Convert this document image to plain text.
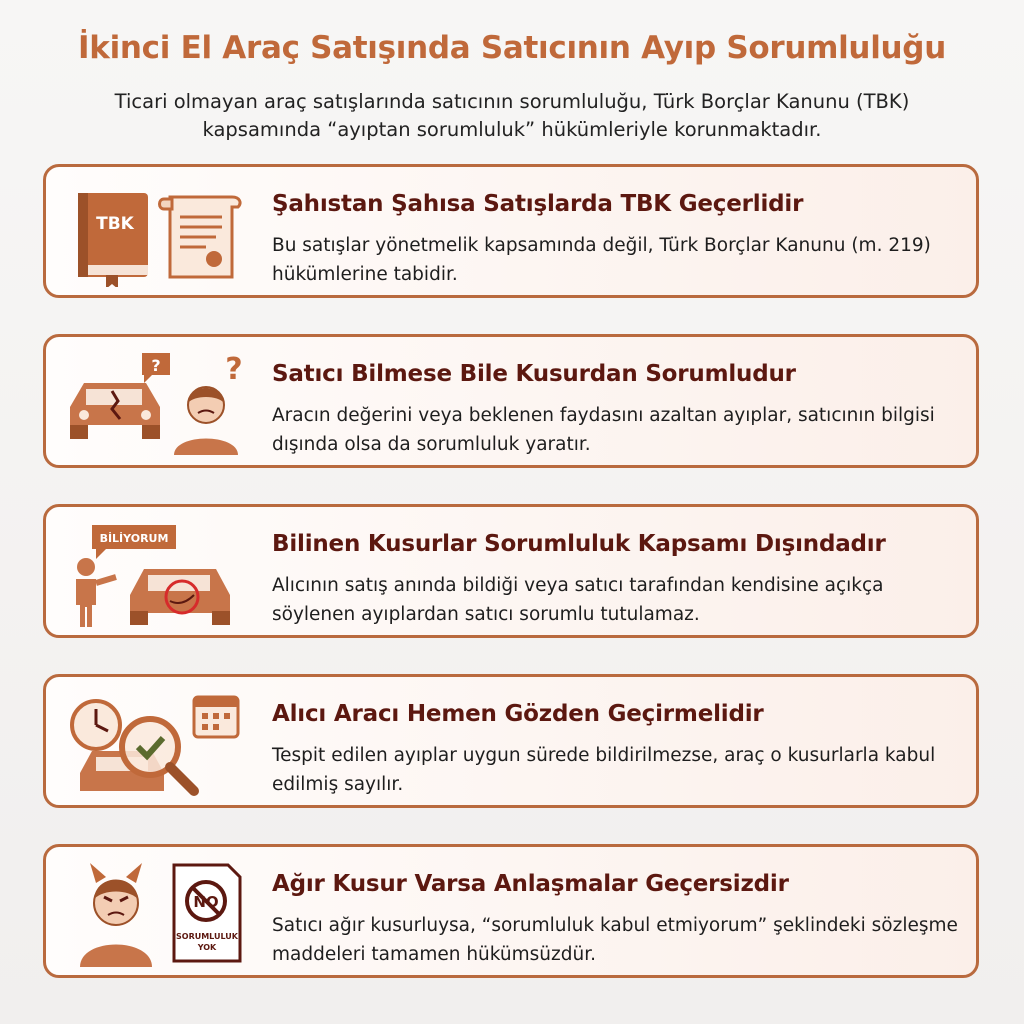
İkinci El Araç Satışında Satıcının Ayıp Sorumluluğu
Ticari olmayan araç satışlarında satıcının sorumluluğu, Türk Borçlar Kanunu (TBK) kapsamında “ayıptan sorumluluk” hükümleriyle korunmaktadır.
TBK
Şahıstan Şahısa Satışlarda TBK Geçerlidir
Bu satışlar yönetmelik kapsamında değil, Türk Borçlar Kanunu (m. 219) hükümlerine tabidir.
? ? Satıcı Bilmese Bile Kusurdan Sorumludur
Aracın değerini veya beklenen faydasını azaltan ayıplar, satıcının bilgisi dışında olsa da sorumluluk yaratır.
BİLİYORUM	Bilinen Kusurlar Sorumluluk Kapsamı Dışındadır
Alıcının satış anında bildiği veya satıcı tarafından kendisine açıkça söylenen ayıplardan satıcı sorumlu tutulamaz.
Alıcı Aracı Hemen Gözden Geçirmelidir
Tespit edilen ayıplar uygun sürede bildirilmezse, araç o kusurlarla kabul edilmiş sayılır.
NO
SORUMLULUK
YOK
Ağır Kusur Varsa Anlaşmalar Geçersizdir
Satıcı ağır kusurluysa, “sorumluluk kabul etmiyorum” şeklindeki sözleşme maddeleri tamamen hükümsüzdür.
